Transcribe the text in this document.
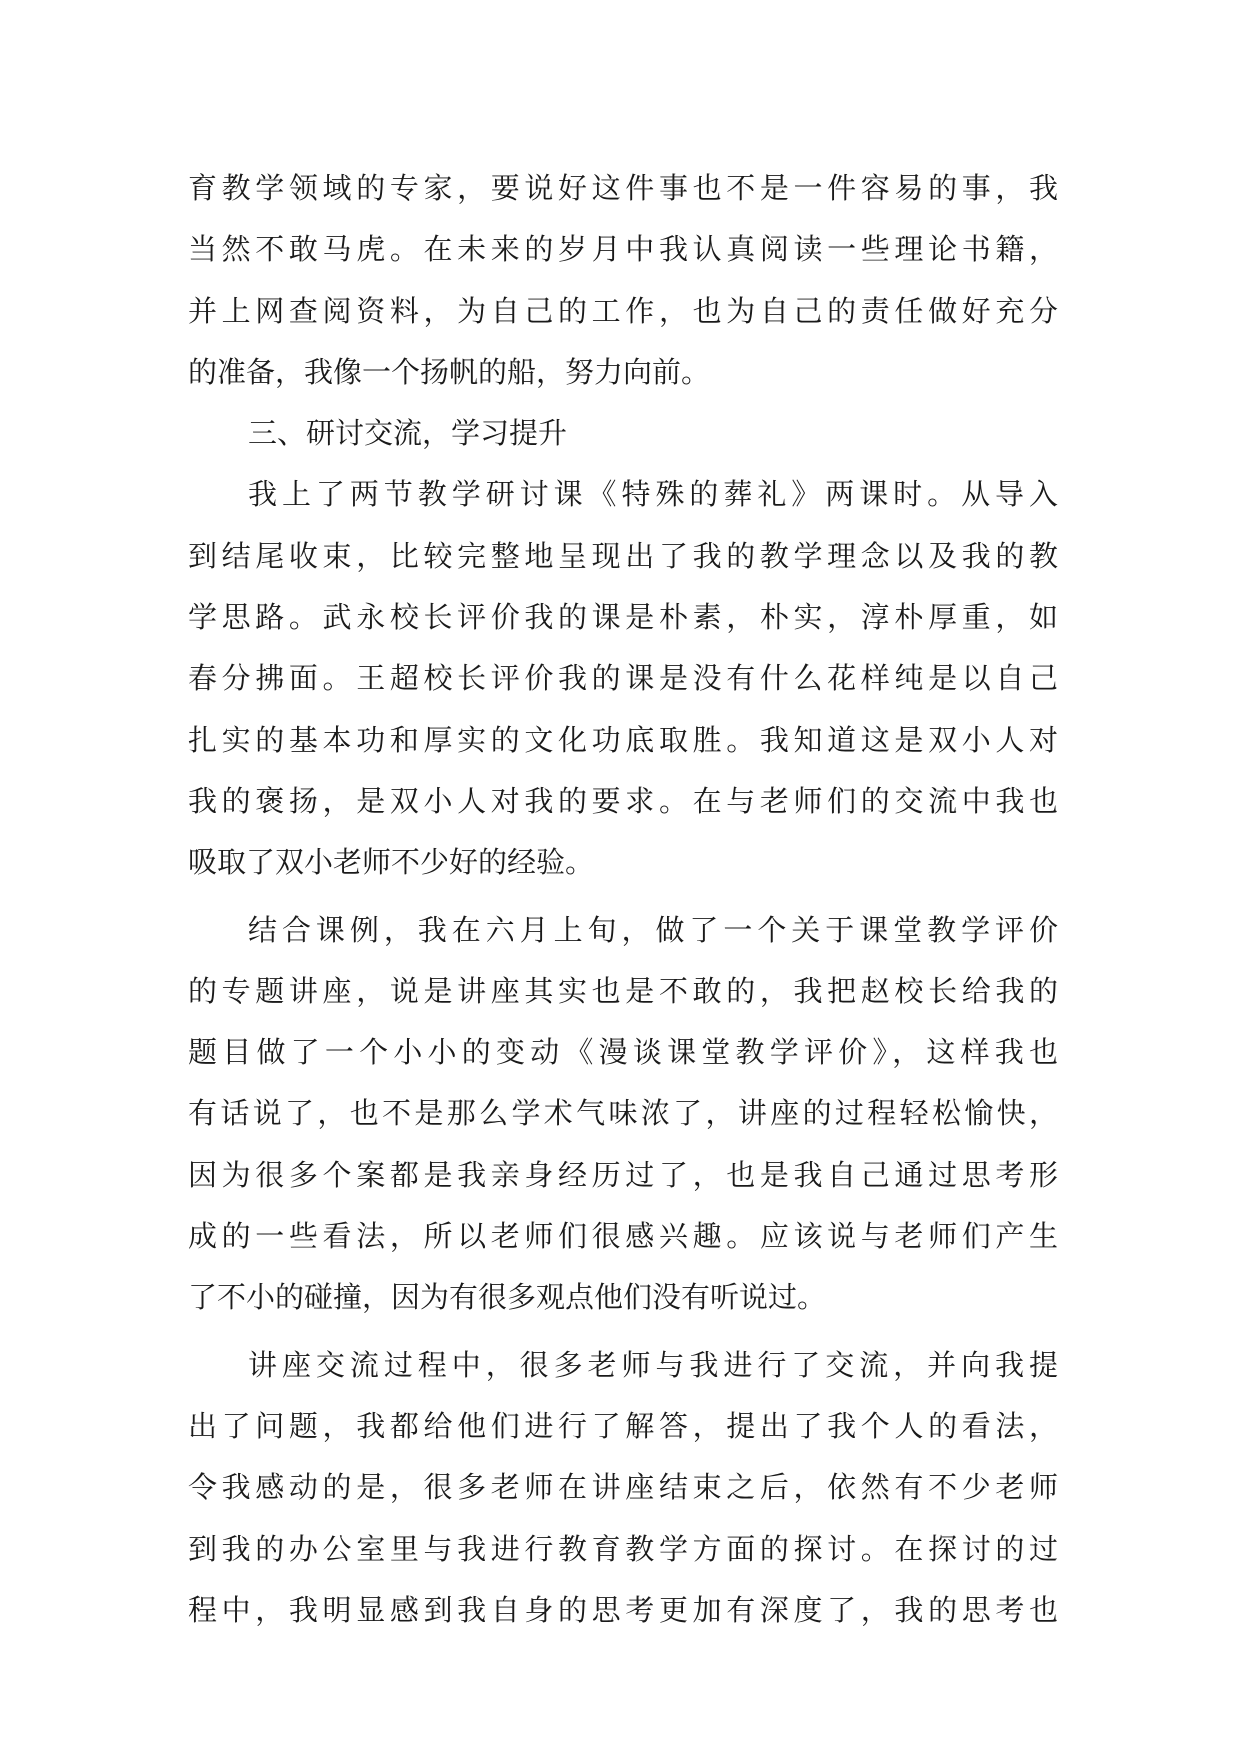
育教学领域的专家，要说好这件事也不是一件容易的事，我
当然不敢马虎。在未来的岁月中我认真阅读一些理论书籍，
并上网查阅资料，为自己的工作，也为自己的责任做好充分
的准备，我像一个扬帆的船，努力向前。
三、研讨交流，学习提升
我上了两节教学研讨课《特殊的葬礼》两课时。从导入
到结尾收束，比较完整地呈现出了我的教学理念以及我的教
学思路。武永校长评价我的课是朴素，朴实，淳朴厚重，如
春分拂面。王超校长评价我的课是没有什么花样纯是以自己
扎实的基本功和厚实的文化功底取胜。我知道这是双小人对
我的褒扬，是双小人对我的要求。在与老师们的交流中我也
吸取了双小老师不少好的经验。
结合课例，我在六月上旬，做了一个关于课堂教学评价
的专题讲座，说是讲座其实也是不敢的，我把赵校长给我的
题目做了一个小小的变动《漫谈课堂教学评价》，这样我也
有话说了，也不是那么学术气味浓了，讲座的过程轻松愉快，
因为很多个案都是我亲身经历过了，也是我自己通过思考形
成的一些看法，所以老师们很感兴趣。应该说与老师们产生
了不小的碰撞，因为有很多观点他们没有听说过。
讲座交流过程中，很多老师与我进行了交流，并向我提
出了问题，我都给他们进行了解答，提出了我个人的看法，
令我感动的是，很多老师在讲座结束之后，依然有不少老师
到我的办公室里与我进行教育教学方面的探讨。在探讨的过
程中，我明显感到我自身的思考更加有深度了，我的思考也
